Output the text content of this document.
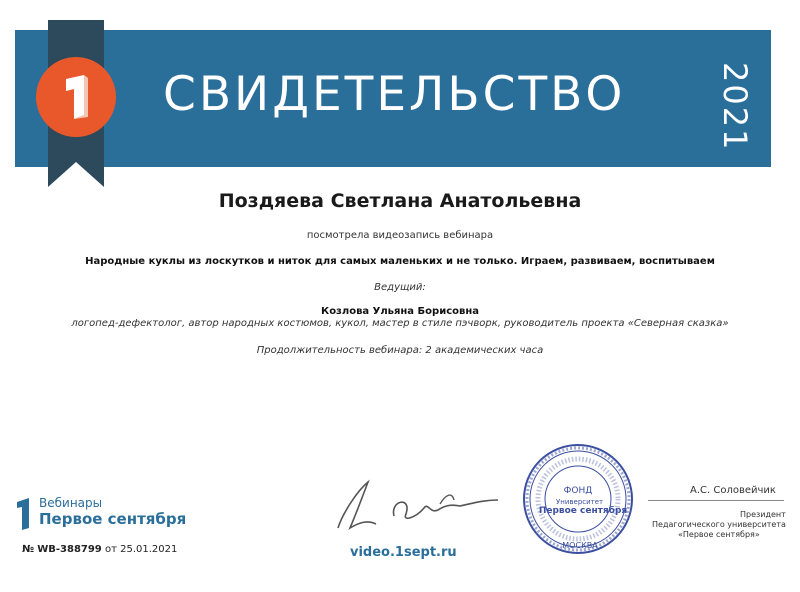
СВИДЕТЕЛЬСТВО	2021
Поздяева Светлана Анатольевна
посмотрела видеозапись вебинара
Народные куклы из лоскутков и ниток для самых маленьких и не только. Играем, развиваем, воспитываем
Ведущий:
Козлова Ульяна Борисовна
логопед-дефектолог, автор народных костюмов, кукол, мастер в стиле пэчворк, руководитель проекта «Северная сказка»
Продолжительность вебинара: 2 академических часа
Вебинары
Первое сентября
№ WB-388799 от 25.01.2021	video.1sept.ru
ФОНД
Университет
Первое сентября
МОСКВА
А.С. Соловейчик
Президент
Педагогического университета
«Первое сентября»
